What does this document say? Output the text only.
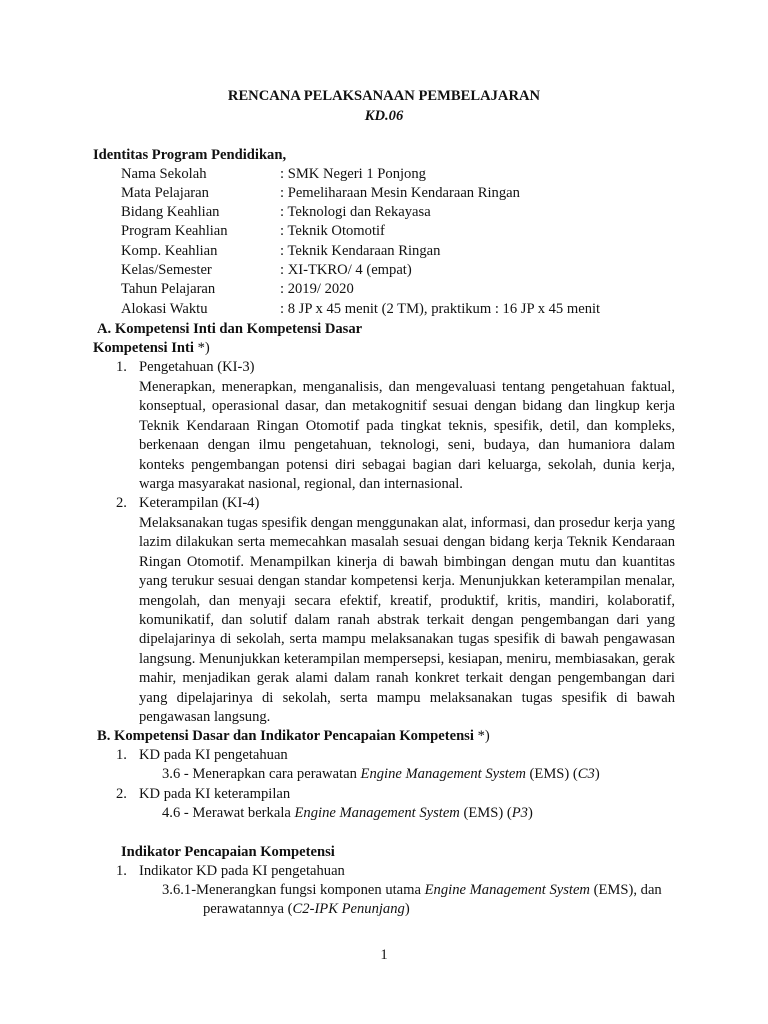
RENCANA PELAKSANAAN PEMBELAJARAN
KD.06
Identitas Program Pendidikan,
Nama Sekolah	: SMK Negeri 1 Ponjong
Mata Pelajaran	: Pemeliharaan Mesin Kendaraan Ringan
Bidang Keahlian	: Teknologi dan Rekayasa
Program Keahlian	: Teknik Otomotif
Komp. Keahlian	: Teknik Kendaraan Ringan
Kelas/Semester	: XI-TKRO/ 4 (empat)
Tahun Pelajaran	: 2019/ 2020
Alokasi Waktu	: 8 JP x 45 menit (2 TM), praktikum : 16 JP x 45 menit
A. Kompetensi Inti dan Kompetensi Dasar
Kompetensi Inti *)
1. Pengetahuan (KI-3)
Menerapkan, menerapkan, menganalisis, dan mengevaluasi tentang pengetahuan faktual, konseptual, operasional dasar, dan metakognitif sesuai dengan bidang dan lingkup kerja Teknik Kendaraan Ringan Otomotif pada tingkat teknis, spesifik, detil, dan kompleks, berkenaan dengan ilmu pengetahuan, teknologi, seni, budaya, dan humaniora dalam konteks pengembangan potensi diri sebagai bagian dari keluarga, sekolah, dunia kerja, warga masyarakat nasional, regional, dan internasional.
2. Keterampilan (KI-4)
Melaksanakan tugas spesifik dengan menggunakan alat, informasi, dan prosedur kerja yang lazim dilakukan serta memecahkan masalah sesuai dengan bidang kerja Teknik Kendaraan Ringan Otomotif. Menampilkan kinerja di bawah bimbingan dengan mutu dan kuantitas yang terukur sesuai dengan standar kompetensi kerja. Menunjukkan keterampilan menalar, mengolah, dan menyaji secara efektif, kreatif, produktif, kritis, mandiri, kolaboratif, komunikatif, dan solutif dalam ranah abstrak terkait dengan pengembangan dari yang dipelajarinya di sekolah, serta mampu melaksanakan tugas spesifik di bawah pengawasan langsung. Menunjukkan keterampilan mempersepsi, kesiapan, meniru, membiasakan, gerak mahir, menjadikan gerak alami dalam ranah konkret terkait dengan pengembangan dari yang dipelajarinya di sekolah, serta mampu melaksanakan tugas spesifik di bawah pengawasan langsung.
B. Kompetensi Dasar dan Indikator Pencapaian Kompetensi *)
1. KD pada KI pengetahuan
3.6 - Menerapkan cara perawatan Engine Management System (EMS) (C3)
2. KD pada KI keterampilan
4.6 - Merawat berkala Engine Management System (EMS) (P3)
Indikator Pencapaian Kompetensi
1. Indikator KD pada KI pengetahuan
3.6.1-Menerangkan fungsi komponen utama Engine Management System (EMS), dan
perawatannya (C2-IPK Penunjang)
1
